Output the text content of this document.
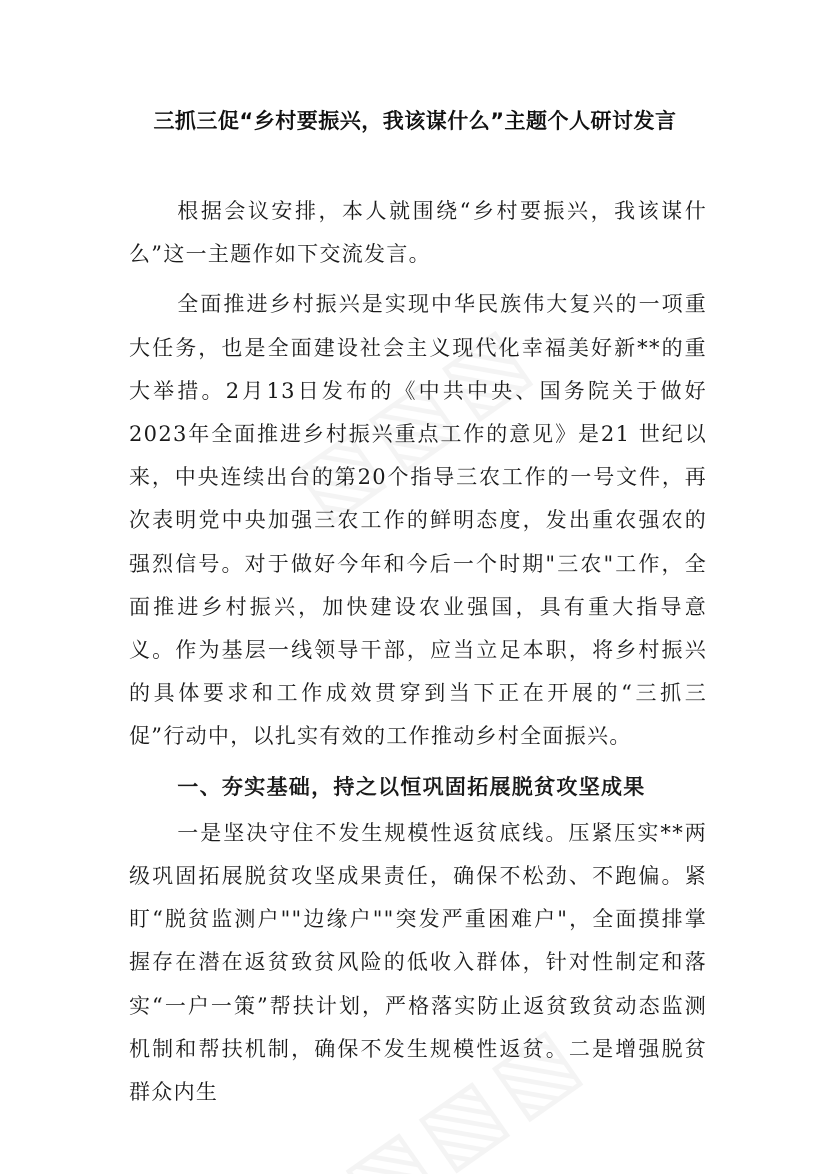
三抓三促“乡村要振兴，我该谋什么”主题个人研讨发言

根据会议安排，本人就围绕“乡村要振兴，我该谋什么”这一主题作如下交流发言。

全面推进乡村振兴是实现中华民族伟大复兴的一项重大任务，也是全面建设社会主义现代化幸福美好新**的重大举措。2月13日发布的《中共中央、国务院关于做好2023年全面推进乡村振兴重点工作的意见》是21 世纪以来，中央连续出台的第20个指导三农工作的一号文件，再次表明党中央加强三农工作的鲜明态度，发出重农强农的强烈信号。对于做好今年和今后一个时期"三农"工作，全面推进乡村振兴，加快建设农业强国，具有重大指导意义。作为基层一线领导干部，应当立足本职，将乡村振兴的具体要求和工作成效贯穿到当下正在开展的“三抓三促”行动中，以扎实有效的工作推动乡村全面振兴。

一、夯实基础，持之以恒巩固拓展脱贫攻坚成果

一是坚决守住不发生规模性返贫底线。压紧压实**两级巩固拓展脱贫攻坚成果责任，确保不松劲、不跑偏。紧盯“脱贫监测户""边缘户""突发严重困难户"，全面摸排掌握存在潜在返贫致贫风险的低收入群体，针对性制定和落实“一户一策”帮扶计划，严格落实防止返贫致贫动态监测机制和帮扶机制，确保不发生规模性返贫。二是增强脱贫群众内生
